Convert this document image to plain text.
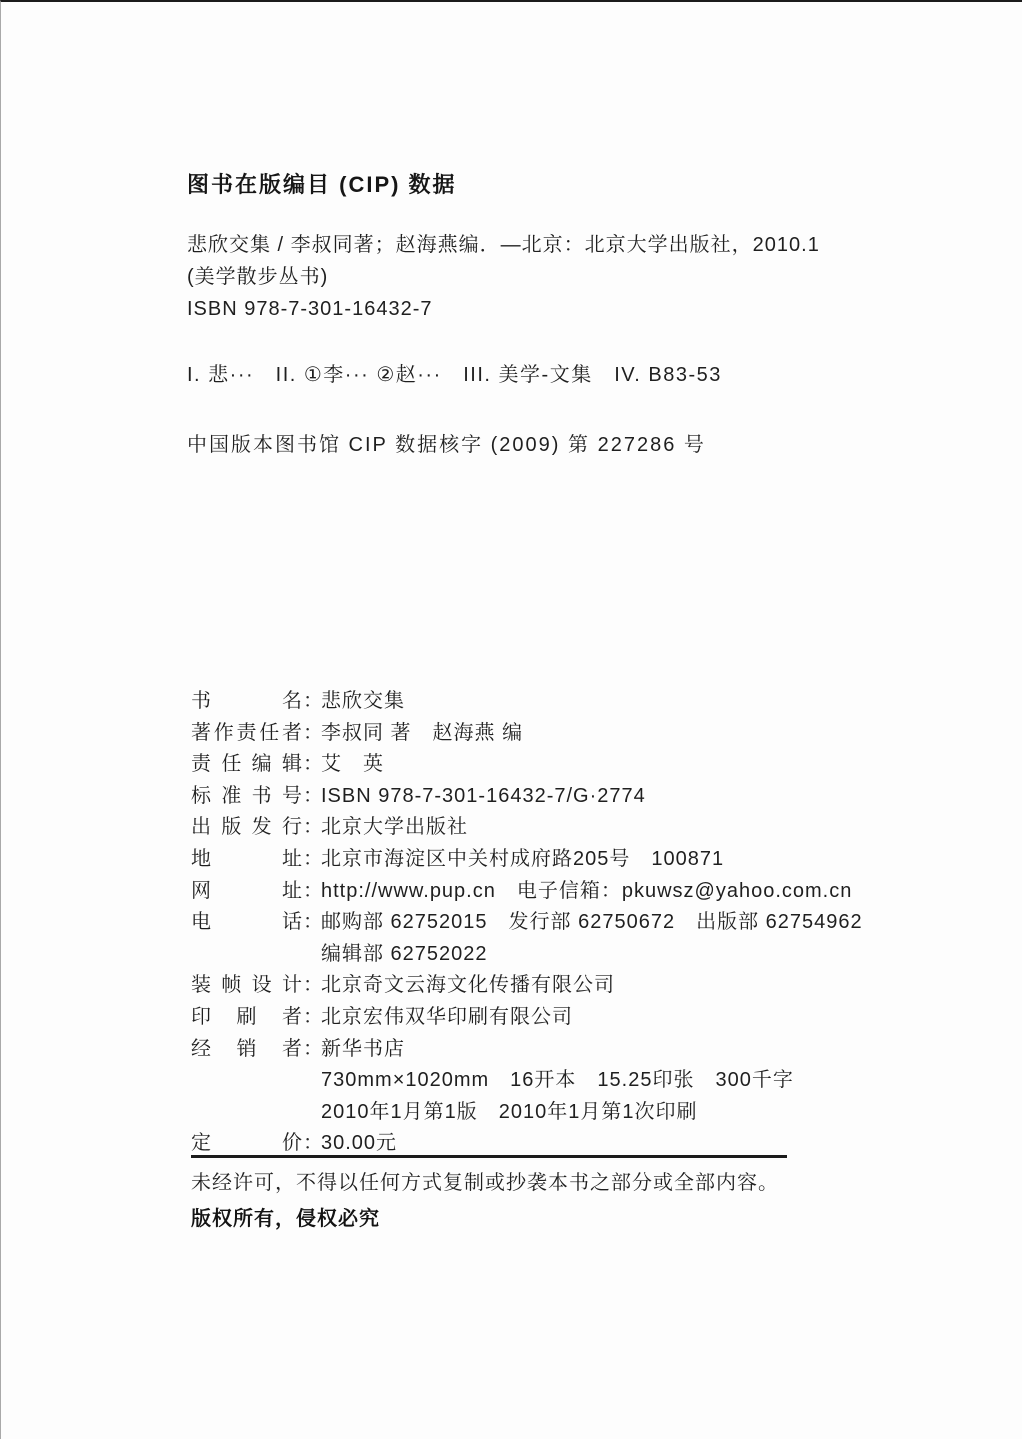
图书在版编目 (CIP) 数据

悲欣交集 / 李叔同著；赵海燕编．—北京：北京大学出版社，2010.1
(美学散步丛书)
ISBN 978-7-301-16432-7
I. 悲···　II. ①李··· ②赵···　III. 美学-文集　IV. B83-53
中国版本图书馆 CIP 数据核字 (2009) 第 227286 号
书名：悲欣交集
著作责任者：李叔同 著　赵海燕 编
责任编辑：艾　英
标准书号：ISBN 978-7-301-16432-7/G·2774
出版发行：北京大学出版社
地址：北京市海淀区中关村成府路205号　100871
网址：http://www.pup.cn　电子信箱：pkuwsz@yahoo.com.cn
电话：邮购部 62752015　发行部 62750672　出版部 62754962
编辑部 62752022
装帧设计：北京奇文云海文化传播有限公司
印刷者：北京宏伟双华印刷有限公司
经销者：新华书店
730mm×1020mm　16开本　15.25印张　300千字
2010年1月第1版　2010年1月第1次印刷
定价：30.00元
未经许可，不得以任何方式复制或抄袭本书之部分或全部内容。
版权所有，侵权必究
